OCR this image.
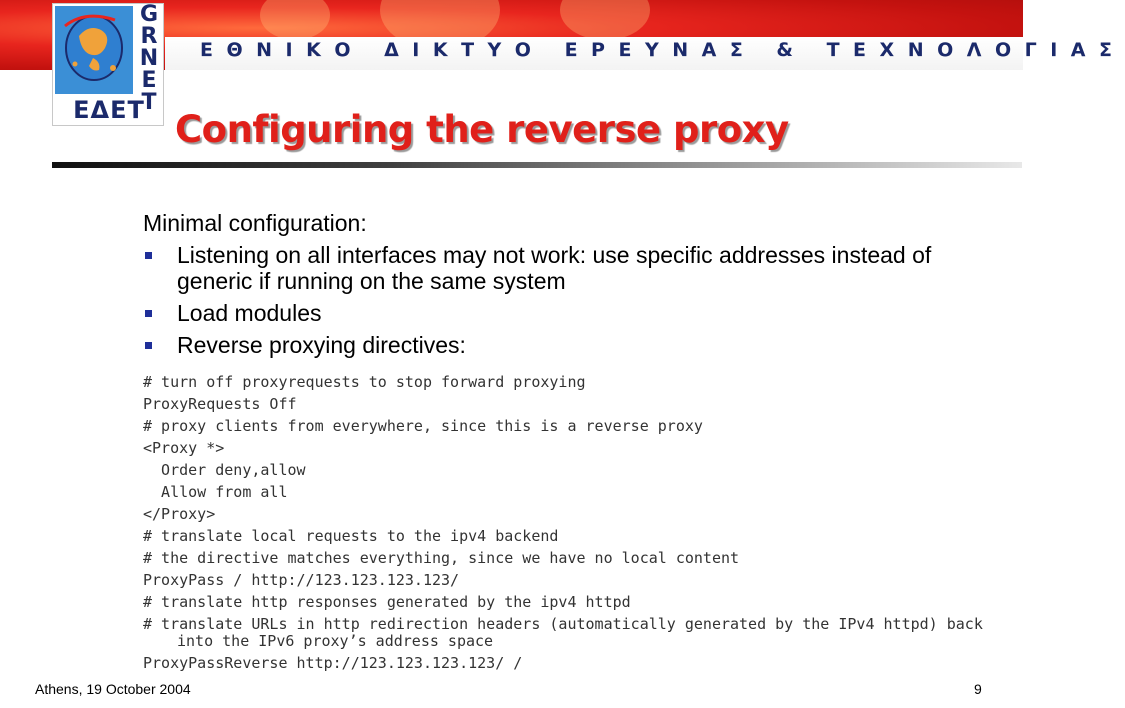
ΕΘΝΙΚΟ ΔΙΚΤΥΟ ΕΡΕΥΝΑΣ & ΤΕΧΝΟΛΟΓΙΑΣ
G
R
N
E
T
ΕΔΕΤ Configuring the reverse proxy

Minimal configuration:

Listening on all interfaces may not work: use specific addresses instead of generic if running on the same system
Load modules
Reverse proxying directives:
# turn off proxyrequests to stop forward proxying
ProxyRequests Off
# proxy clients from everywhere, since this is a reverse proxy
<Proxy *>
Order deny,allow
Allow from all
</Proxy>
# translate local requests to the ipv4 backend
# the directive matches everything, since we have no local content
ProxyPass / http://123.123.123.123/
# translate http responses generated by the ipv4 httpd
# translate URLs in http redirection headers (automatically generated by the IPv4 httpd) back into the IPv6 proxy’s address space
ProxyPassReverse http://123.123.123.123/ /
Athens, 19 October 2004	9
